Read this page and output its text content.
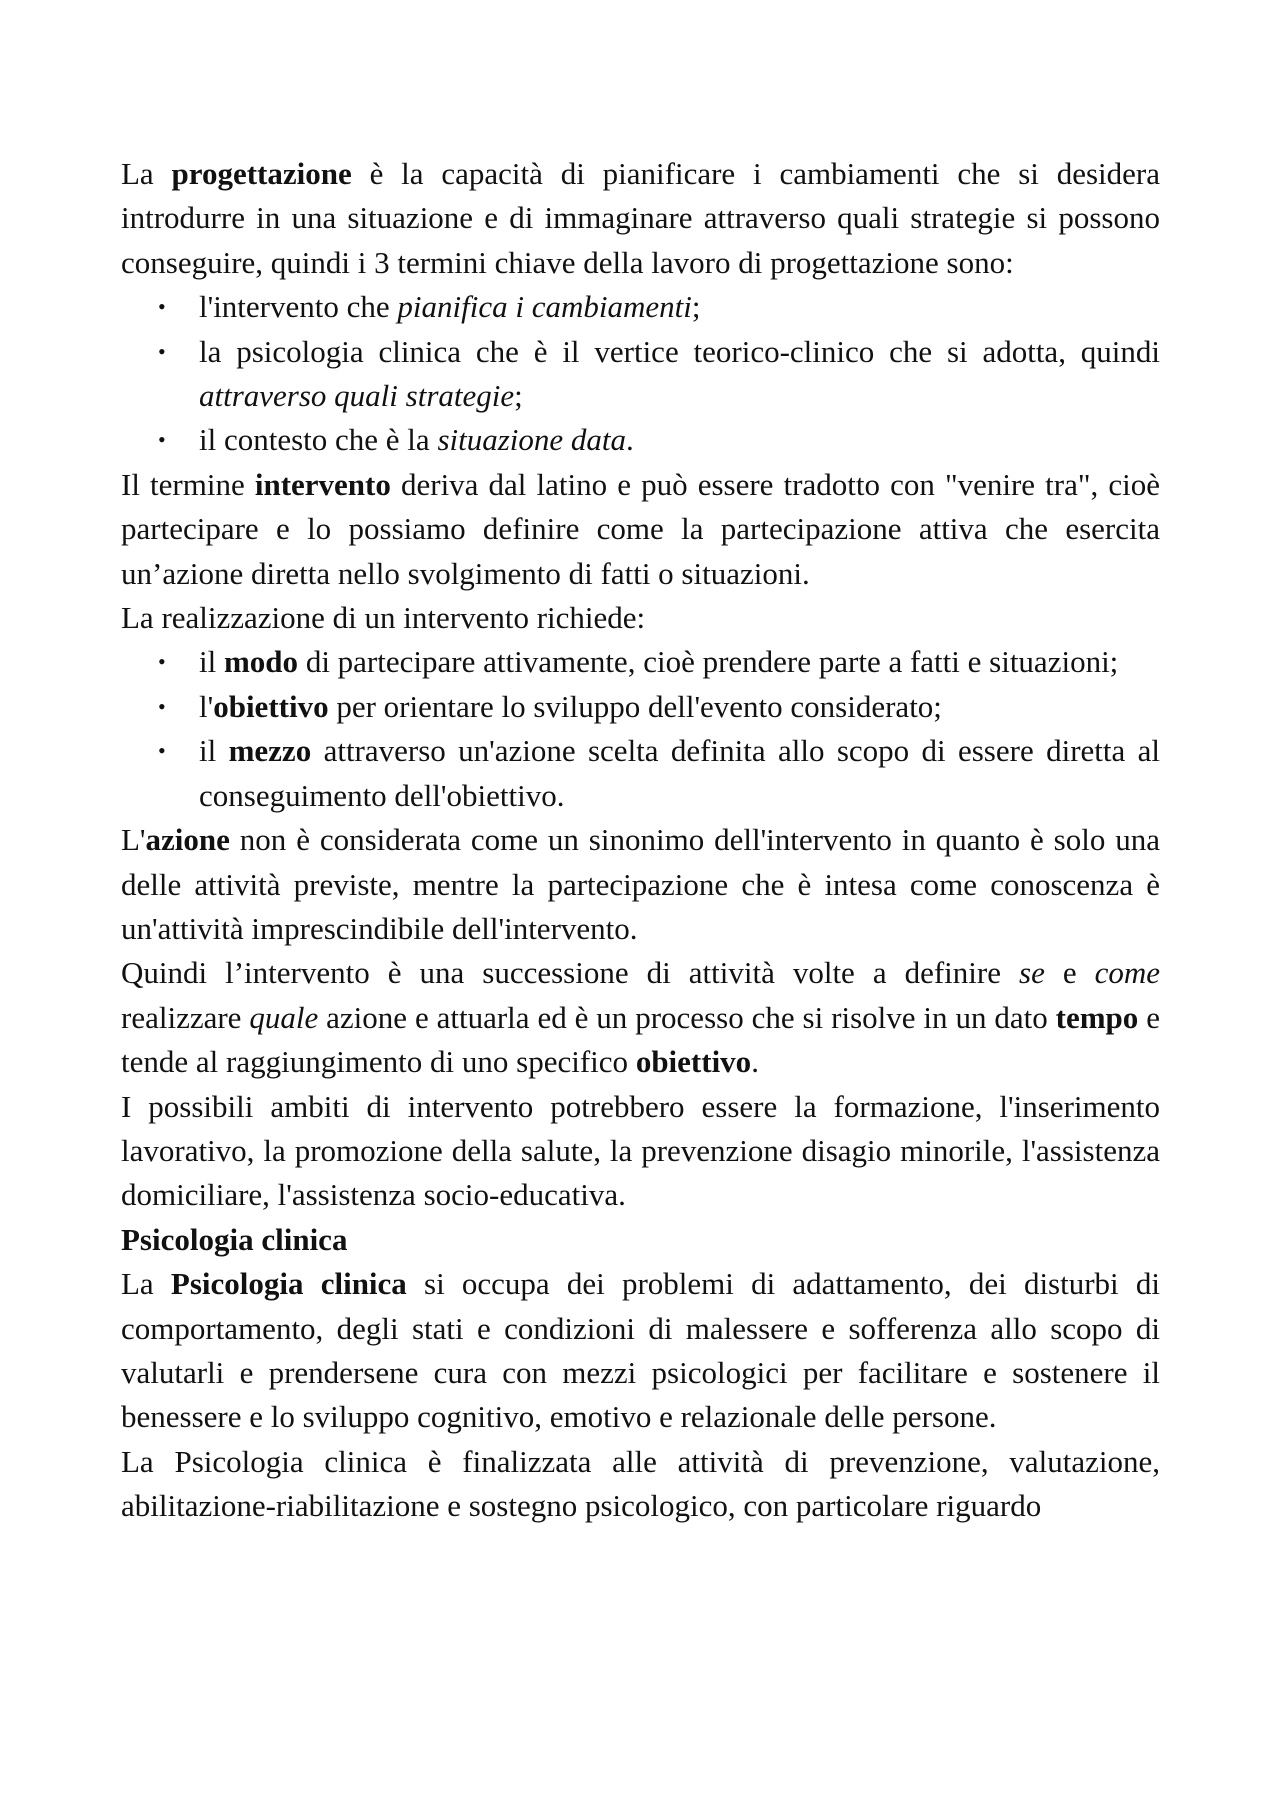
La progettazione è la capacità di pianificare i cambiamenti che si desidera introdurre in una situazione e di immaginare attraverso quali strategie si possono conseguire, quindi i 3 termini chiave della lavoro di progettazione sono:

• l'intervento che pianifica i cambiamenti;
• la psicologia clinica che è il vertice teorico-clinico che si adotta, quindi attraverso quali strategie;
• il contesto che è la situazione data.

Il termine intervento deriva dal latino e può essere tradotto con "venire tra", cioè partecipare e lo possiamo definire come la partecipazione attiva che esercita un’azione diretta nello svolgimento di fatti o situazioni.

La realizzazione di un intervento richiede:

• il modo di partecipare attivamente, cioè prendere parte a fatti e situazioni;
• l'obiettivo per orientare lo sviluppo dell'evento considerato;
• il mezzo attraverso un'azione scelta definita allo scopo di essere diretta al conseguimento dell'obiettivo.

L'azione non è considerata come un sinonimo dell'intervento in quanto è solo una delle attività previste, mentre la partecipazione che è intesa come conoscenza è un'attività imprescindibile dell'intervento.

Quindi l’intervento è una successione di attività volte a definire se e come realizzare quale azione e attuarla ed è un processo che si risolve in un dato tempo e tende al raggiungimento di uno specifico obiettivo.

I possibili ambiti di intervento potrebbero essere la formazione, l'inserimento lavorativo, la promozione della salute, la prevenzione disagio minorile, l'assistenza domiciliare, l'assistenza socio-educativa.

Psicologia clinica

La Psicologia clinica si occupa dei problemi di adattamento, dei disturbi di comportamento, degli stati e condizioni di malessere e sofferenza allo scopo di valutarli e prendersene cura con mezzi psicologici per facilitare e sostenere il benessere e lo sviluppo cognitivo, emotivo e relazionale delle persone.

La Psicologia clinica è finalizzata alle attività di prevenzione, valutazione, abilitazione-riabilitazione e sostegno psicologico, con particolare riguardo
